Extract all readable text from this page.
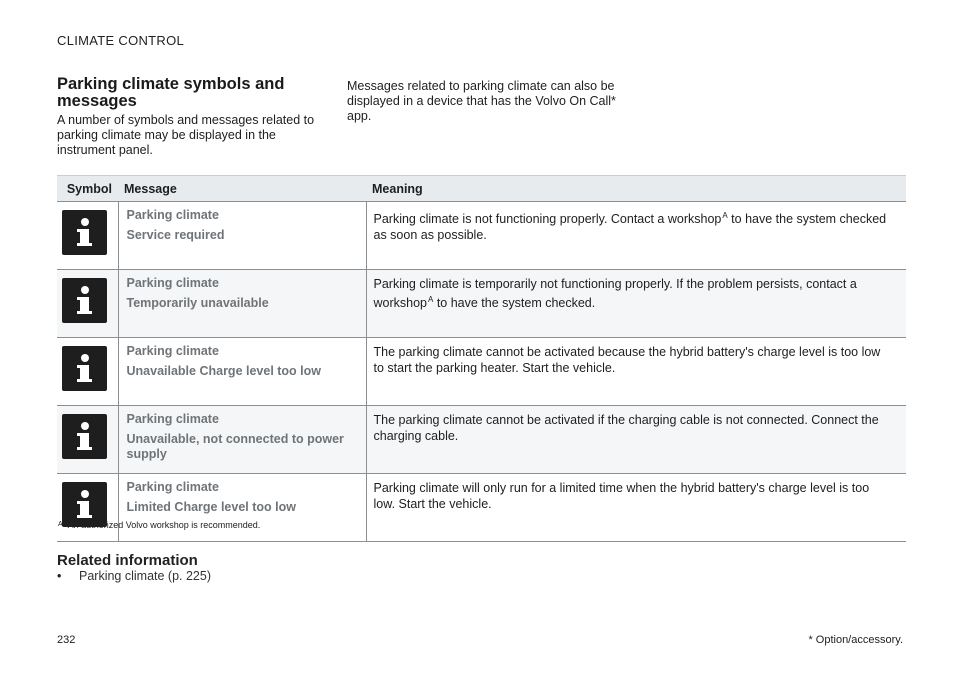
CLIMATE CONTROL
Parking climate symbols and messages
A number of symbols and messages related to parking climate may be displayed in the instrument panel.
Messages related to parking climate can also be displayed in a device that has the Volvo On Call* app.
Symbol	Message	Meaning

	Parking climate
Service required	Parking climate is not functioning properly. Contact a workshop$^A$ to have the system checked as soon as possible.

	Parking climate
Temporarily unavailable	Parking climate is temporarily not functioning properly. If the problem persists, contact a workshop$^A$ to have the system checked.

	Parking climate
Unavailable Charge level too low	The parking climate cannot be activated because the hybrid battery's charge level is too low to start the parking heater. Start the vehicle.

	Parking climate
Unavailable, not connected to power supply	The parking climate cannot be activated if the charging cable is not connected. Connect the charging cable.

	Parking climate
Limited Charge level too low	Parking climate will only run for a limited time when the hybrid battery's charge level is too low. Start the vehicle.
$^A$ An authorized Volvo workshop is recommended.
Related information
• Parking climate (p. 225)
232	* Option/accessory.
